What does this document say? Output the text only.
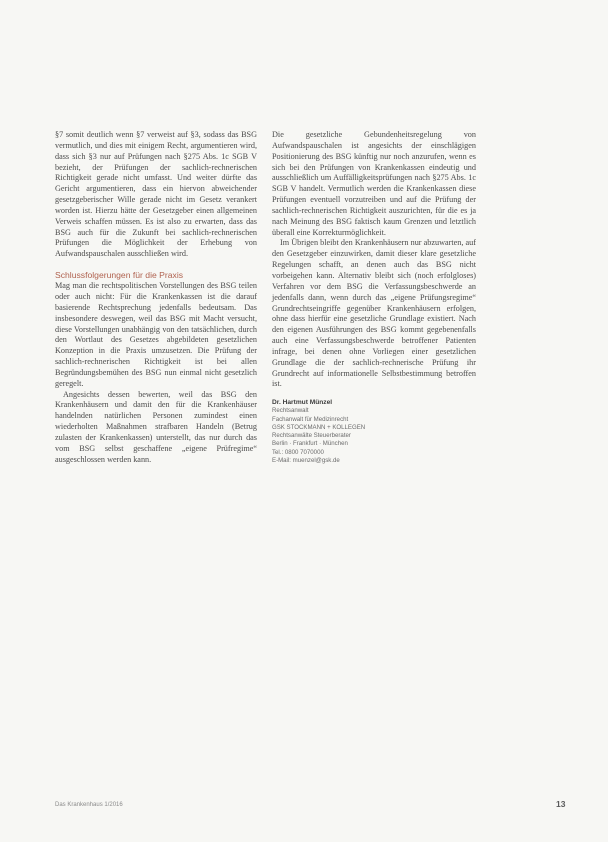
§7 somit deutlich wenn §7 verweist auf §3, sodass das BSG vermutlich, und dies mit einigem Recht, argumentieren wird, dass sich §3 nur auf Prüfungen nach §275 Abs. 1c SGB V bezieht, der Prüfungen der sachlich-rechnerischen Richtigkeit gerade nicht umfasst. Und weiter dürfte das Gericht argumentieren, dass ein hiervon abweichender gesetzgeberischer Wille gerade nicht im Gesetz verankert worden ist. Hierzu hätte der Gesetzgeber einen allgemeinen Verweis schaffen müssen. Es ist also zu erwarten, dass das BSG auch für die Zukunft bei sachlich-rechnerischen Prüfungen die Möglichkeit der Erhebung von Aufwandspauschalen ausschließen wird.

Schlussfolgerungen für die Praxis

Mag man die rechtspolitischen Vorstellungen des BSG teilen oder auch nicht: Für die Krankenkassen ist die darauf basierende Rechtsprechung jedenfalls bedeutsam. Das insbesondere deswegen, weil das BSG mit Macht versucht, diese Vorstellungen unabhängig von den tatsächlichen, durch den Wortlaut des Gesetzes abgebildeten gesetzlichen Konzeption in die Praxis umzusetzen. Die Prüfung der sachlich-rechnerischen Richtigkeit ist bei allen Begründungsbemühen des BSG nun einmal nicht gesetzlich geregelt.

Angesichts dessen bewerten, weil das BSG den Krankenhäusern und damit den für die Krankenhäuser handelnden natürlichen Personen zumindest einen wiederholten Maßnahmen strafbaren Handeln (Betrug zulasten der Krankenkassen) unterstellt, das nur durch das vom BSG selbst geschaffene „eigene Prüfregime“ ausgeschlossen werden kann.

Die gesetzliche Gebundenheitsregelung von Aufwandspauschalen ist angesichts der einschlägigen Positionierung des BSG künftig nur noch anzurufen, wenn es sich bei den Prüfungen von Krankenkassen eindeutig und ausschließlich um Auffälligkeitsprüfungen nach §275 Abs. 1c SGB V handelt. Vermutlich werden die Krankenkassen diese Prüfungen eventuell vorzutreiben und auf die Prüfung der sachlich-rechnerischen Richtigkeit auszurichten, für die es ja nach Meinung des BSG faktisch kaum Grenzen und letztlich überall eine Korrekturmöglichkeit.

Im Übrigen bleibt den Krankenhäusern nur abzuwarten, auf den Gesetzgeber einzuwirken, damit dieser klare gesetzliche Regelungen schafft, an denen auch das BSG nicht vorbeigehen kann. Alternativ bleibt sich (noch erfolgloses) Verfahren vor dem BSG die Verfassungsbeschwerde an jedenfalls dann, wenn durch das „eigene Prüfungsregime“ Grundrechtseingriffe gegenüber Krankenhäusern erfolgen, ohne dass hierfür eine gesetzliche Grundlage existiert. Nach den eigenen Ausführungen des BSG kommt gegebenenfalls auch eine Verfassungsbeschwerde betroffener Patienten infrage, bei denen ohne Vorliegen einer gesetzlichen Grundlage die der sachlich-rechnerische Prüfung ihr Grundrecht auf informationelle Selbstbestimmung betroffen ist.

Dr. Hartmut Münzel
Rechtsanwalt
Fachanwalt für Medizinrecht
GSK STOCKMANN + KOLLEGEN
Rechtsanwälte Steuerberater
Berlin · Frankfurt · München
Tel.: 0800 7070000
E-Mail: muenzel@gsk.de
Das Krankenhaus 1/2016	13
